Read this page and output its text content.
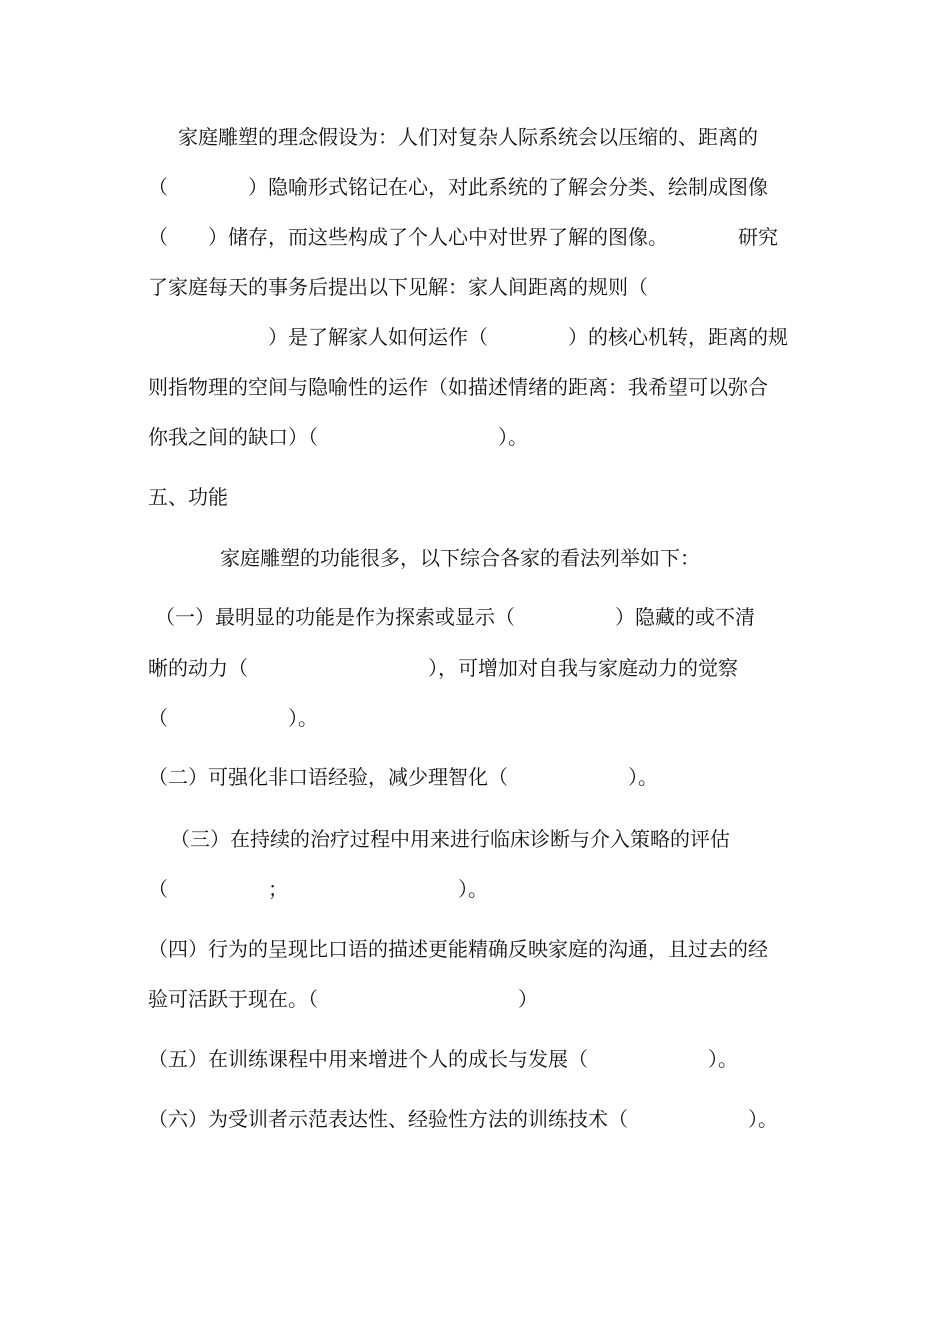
家庭雕塑的理念假设为：人们对复杂人际系统会以压缩的、距离的

（　　　　）隐喻形式铭记在心，对此系统的了解会分类、绘制成图像

（　　）储存，而这些构成了个人心中对世界了解的图像。　　　　研究

了家庭每天的事务后提出以下见解：家人间距离的规则（

　　　　　　）是了解家人如何运作（　　　　）的核心机转，距离的规

则指物理的空间与隐喻性的运作（如描述情绪的距离：我希望可以弥合

你我之间的缺口）（　　　　　　　　　）。

五、功能

家庭雕塑的功能很多，以下综合各家的看法列举如下：

（一）最明显的功能是作为探索或显示（　　　　　）隐藏的或不清

晰的动力（　　　　　　　　　），可增加对自我与家庭动力的觉察

（　　　　　　）。

（二）可强化非口语经验，减少理智化（　　　　　　）。

（三）在持续的治疗过程中用来进行临床诊断与介入策略的评估

（　　　　　；　　　　　　　　　）。

（四）行为的呈现比口语的描述更能精确反映家庭的沟通，且过去的经

验可活跃于现在。（　　　　　　　　　　）

（五）在训练课程中用来增进个人的成长与发展（　　　　　　）。

（六）为受训者示范表达性、经验性方法的训练技术（　　　　　　）。
